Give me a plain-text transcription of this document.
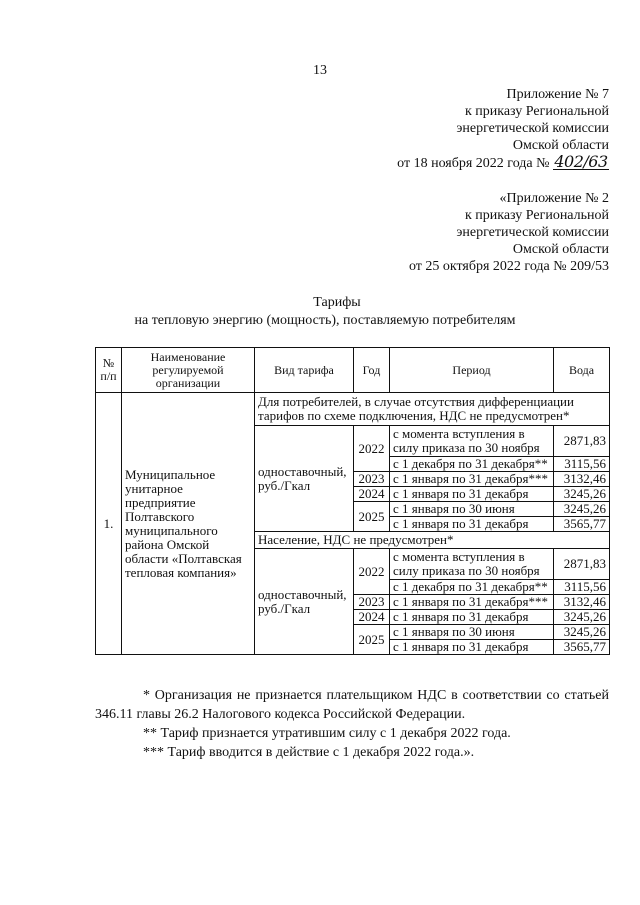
13
Приложение № 7
к приказу Региональной
энергетической комиссии
Омской области
от 18 ноября 2022 года № 402/63
«Приложение № 2
к приказу Региональной
энергетической комиссии
Омской области
от 25 октября 2022 года № 209/53
Тарифы
на тепловую энергию (мощность), поставляемую потребителям
№ п/п	Наименование регулируемой организации	Вид тарифа	Год	Период	Вода
1.	Муниципальное унитарное предприятие Полтавского муниципального района Омской области «Полтавская тепловая компания»	Для потребителей, в случае отсутствия дифференциации тарифов по схеме подключения, НДС не предусмотрен*			
		одноставочный, руб./Гкал	2022	с момента вступления в силу приказа по 30 ноября	2871,83
				с 1 декабря по 31 декабря**	3115,56
			2023	с 1 января по 31 декабря***	3132,46
			2024	с 1 января по 31 декабря	3245,26
			2025	с 1 января по 30 июня	3245,26
				с 1 января по 31 декабря	3565,77
		Население, НДС не предусмотрен*			
		одноставочный, руб./Гкал	2022	с момента вступления в силу приказа по 30 ноября	2871,83
				с 1 декабря по 31 декабря**	3115,56
			2023	с 1 января по 31 декабря***	3132,46
			2024	с 1 января по 31 декабря	3245,26
			2025	с 1 января по 30 июня	3245,26
				с 1 января по 31 декабря	3565,77
* Организация не признается плательщиком НДС в соответствии со статьей 346.11 главы 26.2 Налогового кодекса Российской Федерации.
** Тариф признается утратившим силу с 1 декабря 2022 года.
*** Тариф вводится в действие с 1 декабря 2022 года.».
